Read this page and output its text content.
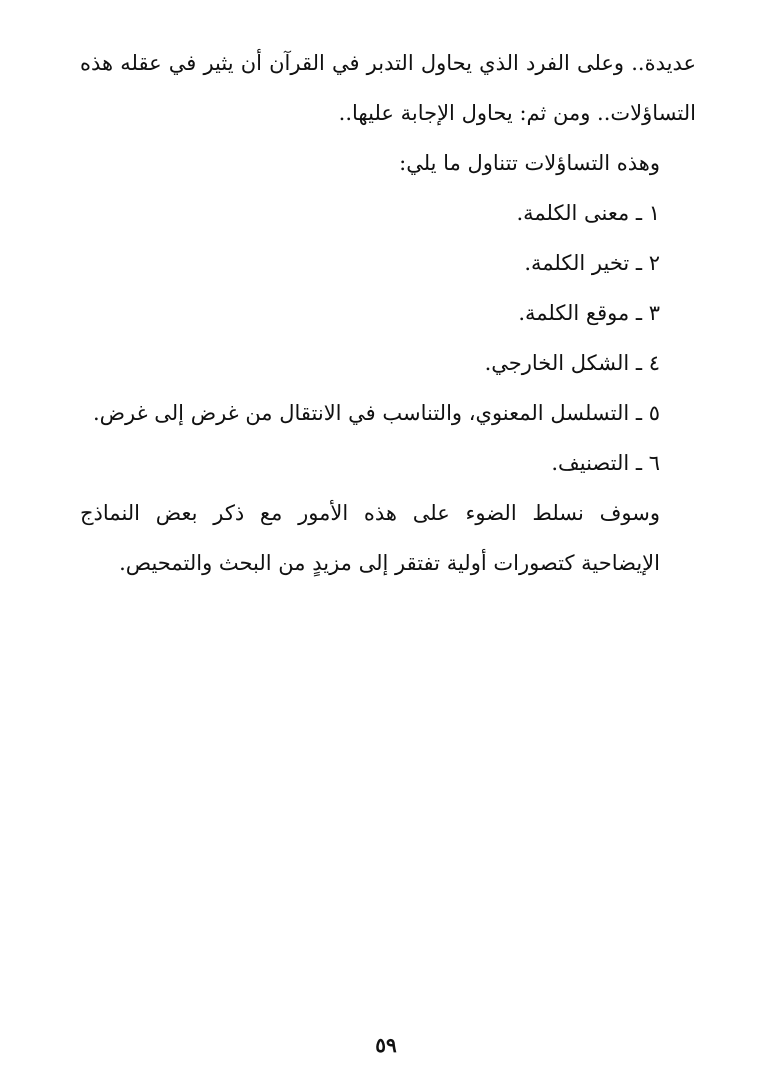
عديدة.. وعلى الفرد الذي يحاول التدبر في القرآن أن يثير في عقله هذه التساؤلات.. ومن ثم: يحاول الإجابة عليها..

وهذه التساؤلات تتناول ما يلي:

١ ـ معنى الكلمة.

٢ ـ تخير الكلمة.

٣ ـ موقع الكلمة.

٤ ـ الشكل الخارجي.

٥ ـ التسلسل المعنوي، والتناسب في الانتقال من غرض إلى غرض.

٦ ـ التصنيف.

وسوف نسلط الضوء على هذه الأمور مع ذكر بعض النماذج الإيضاحية كتصورات أولية تفتقر إلى مزيدٍ من البحث والتمحيص.

٥٩
